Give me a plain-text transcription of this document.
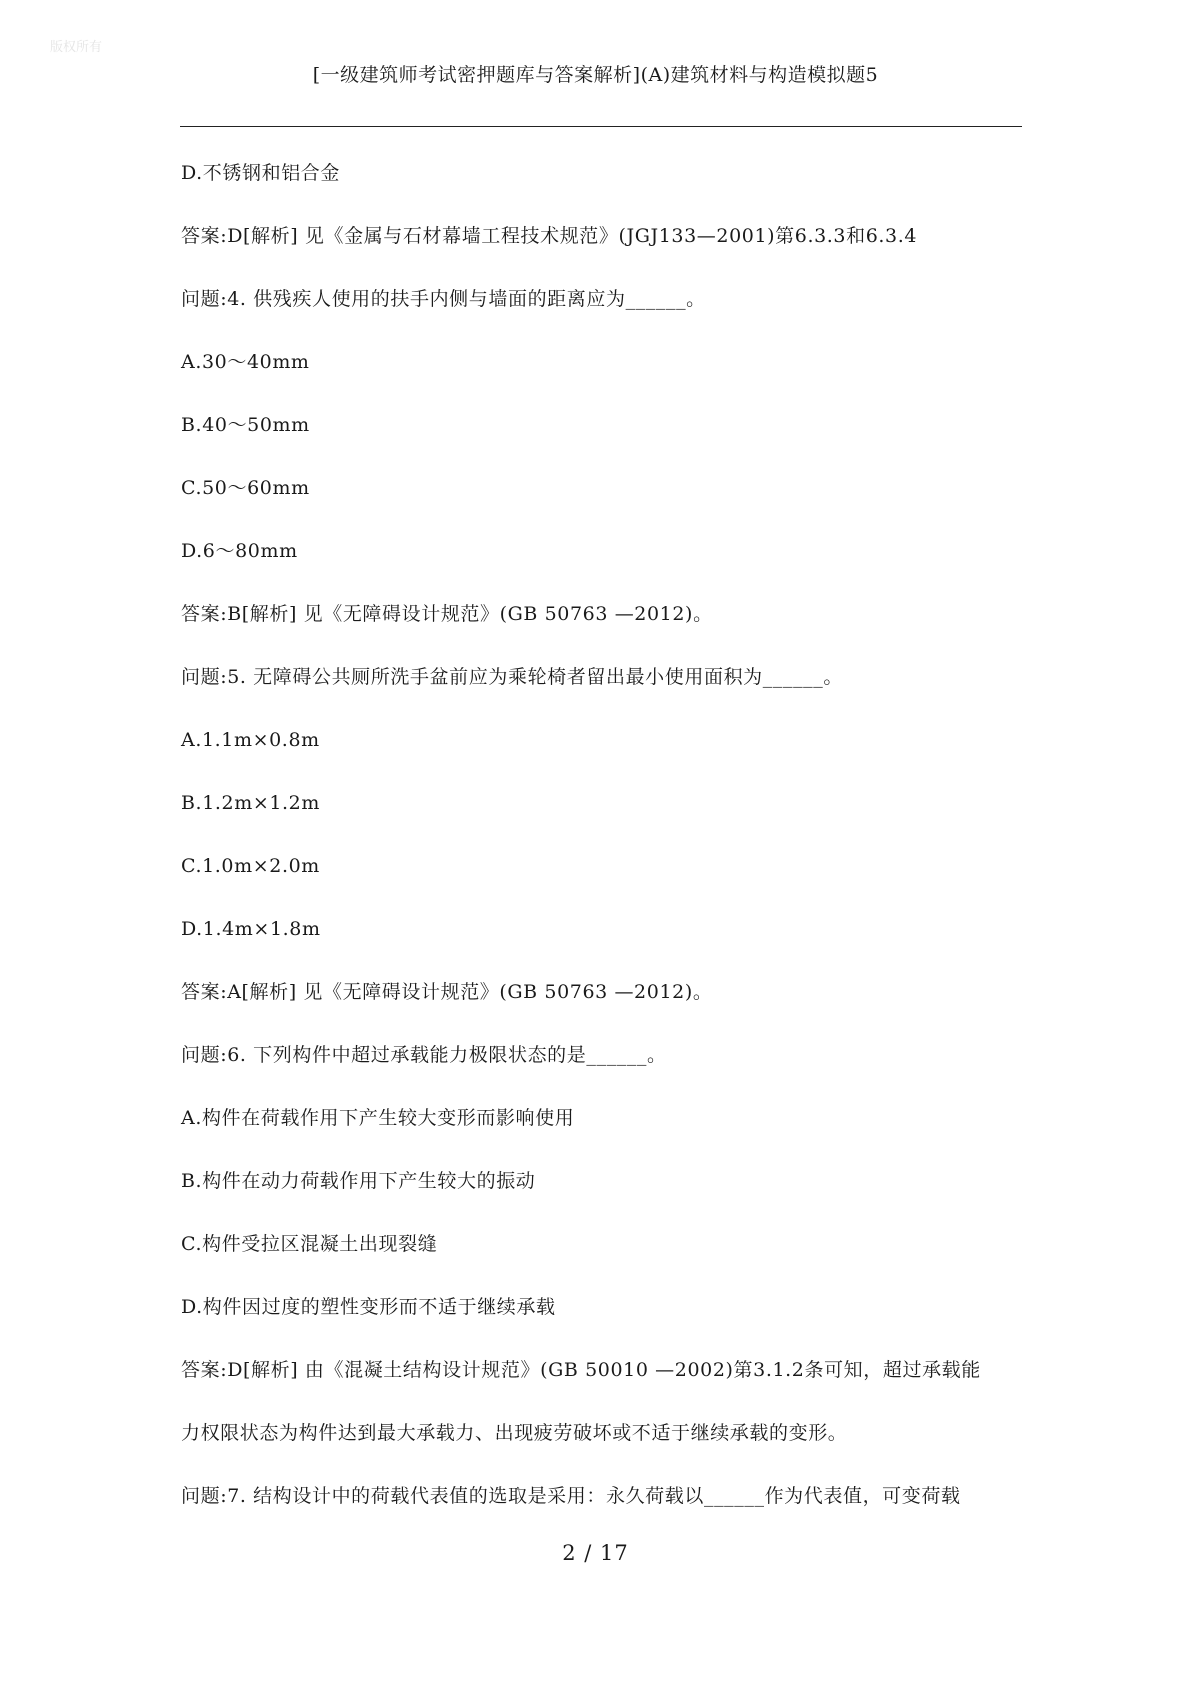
版权所有
[一级建筑师考试密押题库与答案解析](A)建筑材料与构造模拟题5
D.不锈钢和铝合金
答案:D[解析] 见《金属与石材幕墙工程技术规范》(JGJ133—2001)第6.3.3和6.3.4
问题:4. 供残疾人使用的扶手内侧与墙面的距离应为______。
A.30～40mm
B.40～50mm
C.50～60mm
D.6～80mm
答案:B[解析] 见《无障碍设计规范》(GB 50763 —2012)。
问题:5. 无障碍公共厕所洗手盆前应为乘轮椅者留出最小使用面积为______。
A.1.1m×0.8m
B.1.2m×1.2m
C.1.0m×2.0m
D.1.4m×1.8m
答案:A[解析] 见《无障碍设计规范》(GB 50763 —2012)。
问题:6. 下列构件中超过承载能力极限状态的是______。
A.构件在荷载作用下产生较大变形而影响使用
B.构件在动力荷载作用下产生较大的振动
C.构件受拉区混凝土出现裂缝
D.构件因过度的塑性变形而不适于继续承载
答案:D[解析] 由《混凝土结构设计规范》(GB 50010 —2002)第3.1.2条可知，超过承载能
力权限状态为构件达到最大承载力、出现疲劳破坏或不适于继续承载的变形。
问题:7. 结构设计中的荷载代表值的选取是采用：永久荷载以______作为代表值，可变荷载
2 / 17
